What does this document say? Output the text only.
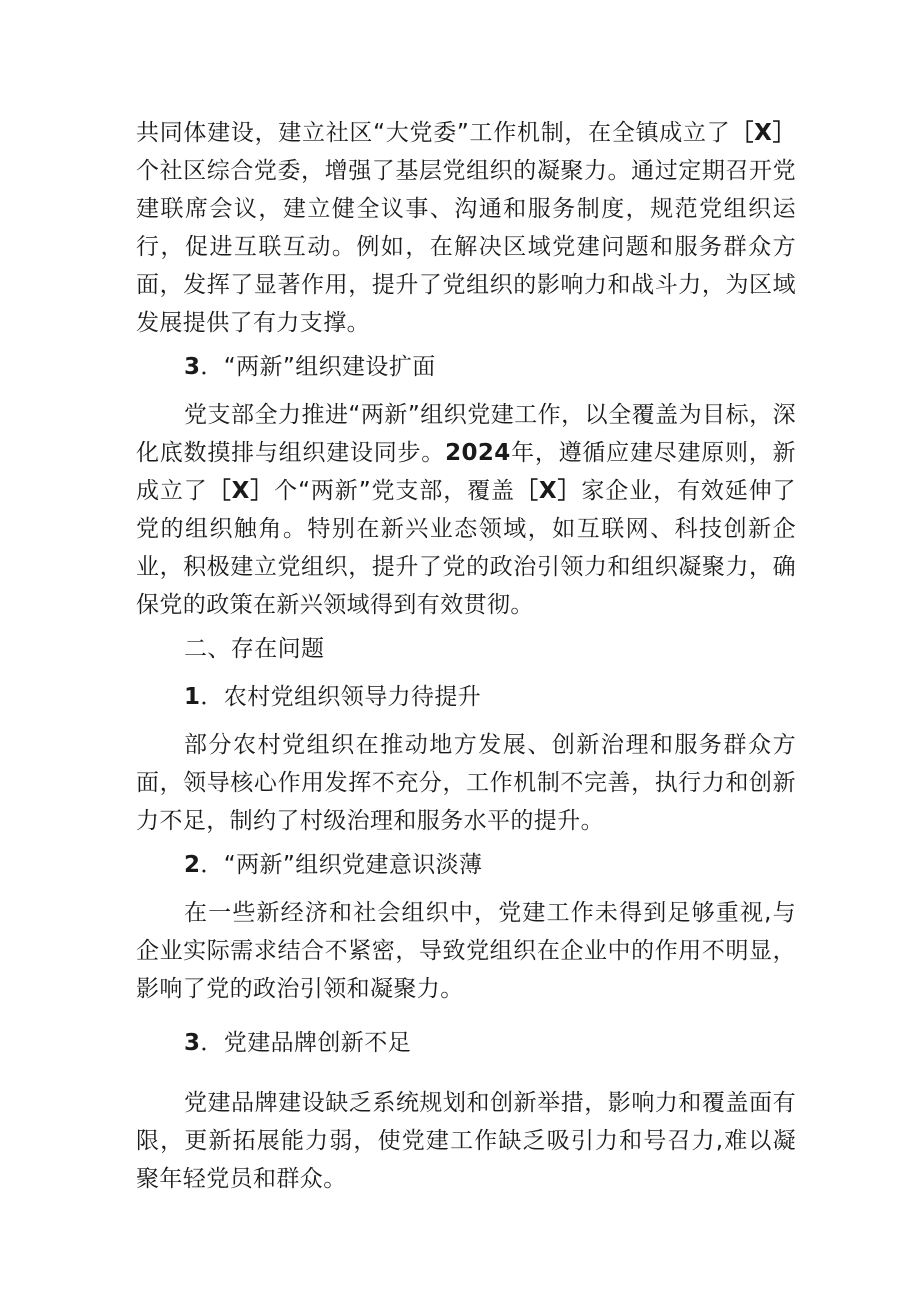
共同体建设，建立社区“大党委”工作机制，在全镇成立了［X］个社区综合党委，增强了基层党组织的凝聚力。通过定期召开党建联席会议，建立健全议事、沟通和服务制度，规范党组织运行，促进互联互动。例如，在解决区域党建问题和服务群众方面，发挥了显著作用，提升了党组织的影响力和战斗力，为区域发展提供了有力支撑。

3．“两新”组织建设扩面

党支部全力推进“两新”组织党建工作，以全覆盖为目标，深化底数摸排与组织建设同步。2024年，遵循应建尽建原则，新成立了［X］个“两新”党支部，覆盖［X］家企业，有效延伸了党的组织触角。特别在新兴业态领域，如互联网、科技创新企业，积极建立党组织，提升了党的政治引领力和组织凝聚力，确保党的政策在新兴领域得到有效贯彻。

二、存在问题

1．农村党组织领导力待提升

部分农村党组织在推动地方发展、创新治理和服务群众方面，领导核心作用发挥不充分，工作机制不完善，执行力和创新力不足，制约了村级治理和服务水平的提升。

2．“两新”组织党建意识淡薄

在一些新经济和社会组织中，党建工作未得到足够重视,与企业实际需求结合不紧密，导致党组织在企业中的作用不明显，影响了党的政治引领和凝聚力。

3．党建品牌创新不足

党建品牌建设缺乏系统规划和创新举措，影响力和覆盖面有限，更新拓展能力弱，使党建工作缺乏吸引力和号召力,难以凝聚年轻党员和群众。
